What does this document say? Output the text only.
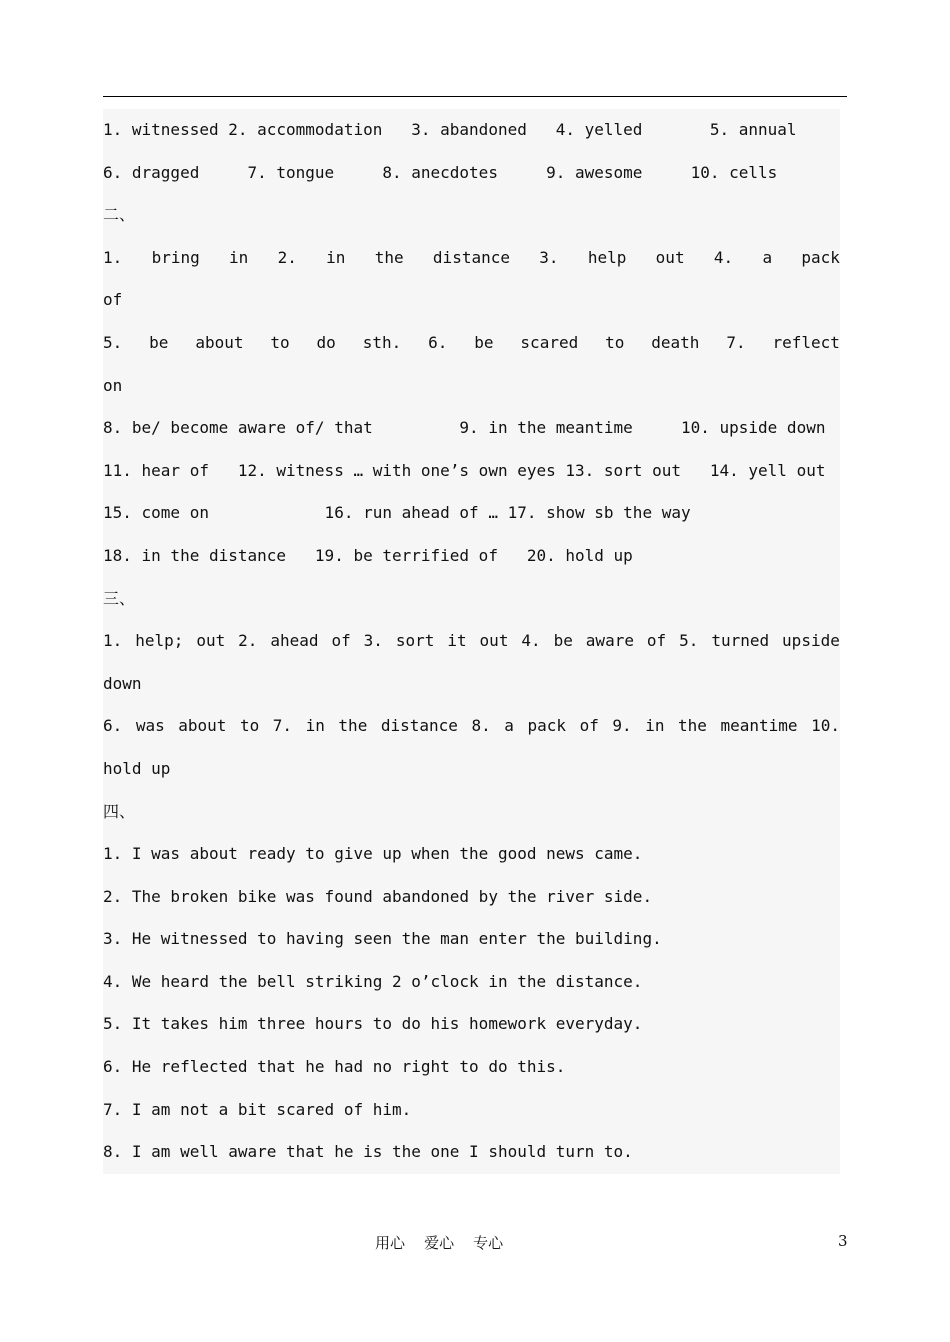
1. witnessed 2. accommodation   3. abandoned   4. yelled       5. annual
6. dragged     7. tongue     8. anecdotes     9. awesome     10. cells
二、
1. bring in 2. in the distance 3. help out 4. a pack
of
5. be about to do sth. 6. be scared to death 7. reflect
on
8. be/ become aware of/ that         9. in the meantime     10. upside down
11. hear of   12. witness … with one’s own eyes 13. sort out   14. yell out
15. come on            16. run ahead of … 17. show sb the way
18. in the distance   19. be terrified of   20. hold up
三、
1. help; out 2. ahead of 3. sort it out 4. be aware of 5. turned upside
down
6. was about to 7. in the distance 8. a pack of 9. in the meantime 10.
hold up
四、
1. I was about ready to give up when the good news came.
2. The broken bike was found abandoned by the river side.
3. He witnessed to having seen the man enter the building.
4. We heard the bell striking 2 o’clock in the distance.
5. It takes him three hours to do his homework everyday.
6. He reflected that he had no right to do this.
7. I am not a bit scared of him.
8. I am well aware that he is the one I should turn to.
用心    爱心    专心	3
